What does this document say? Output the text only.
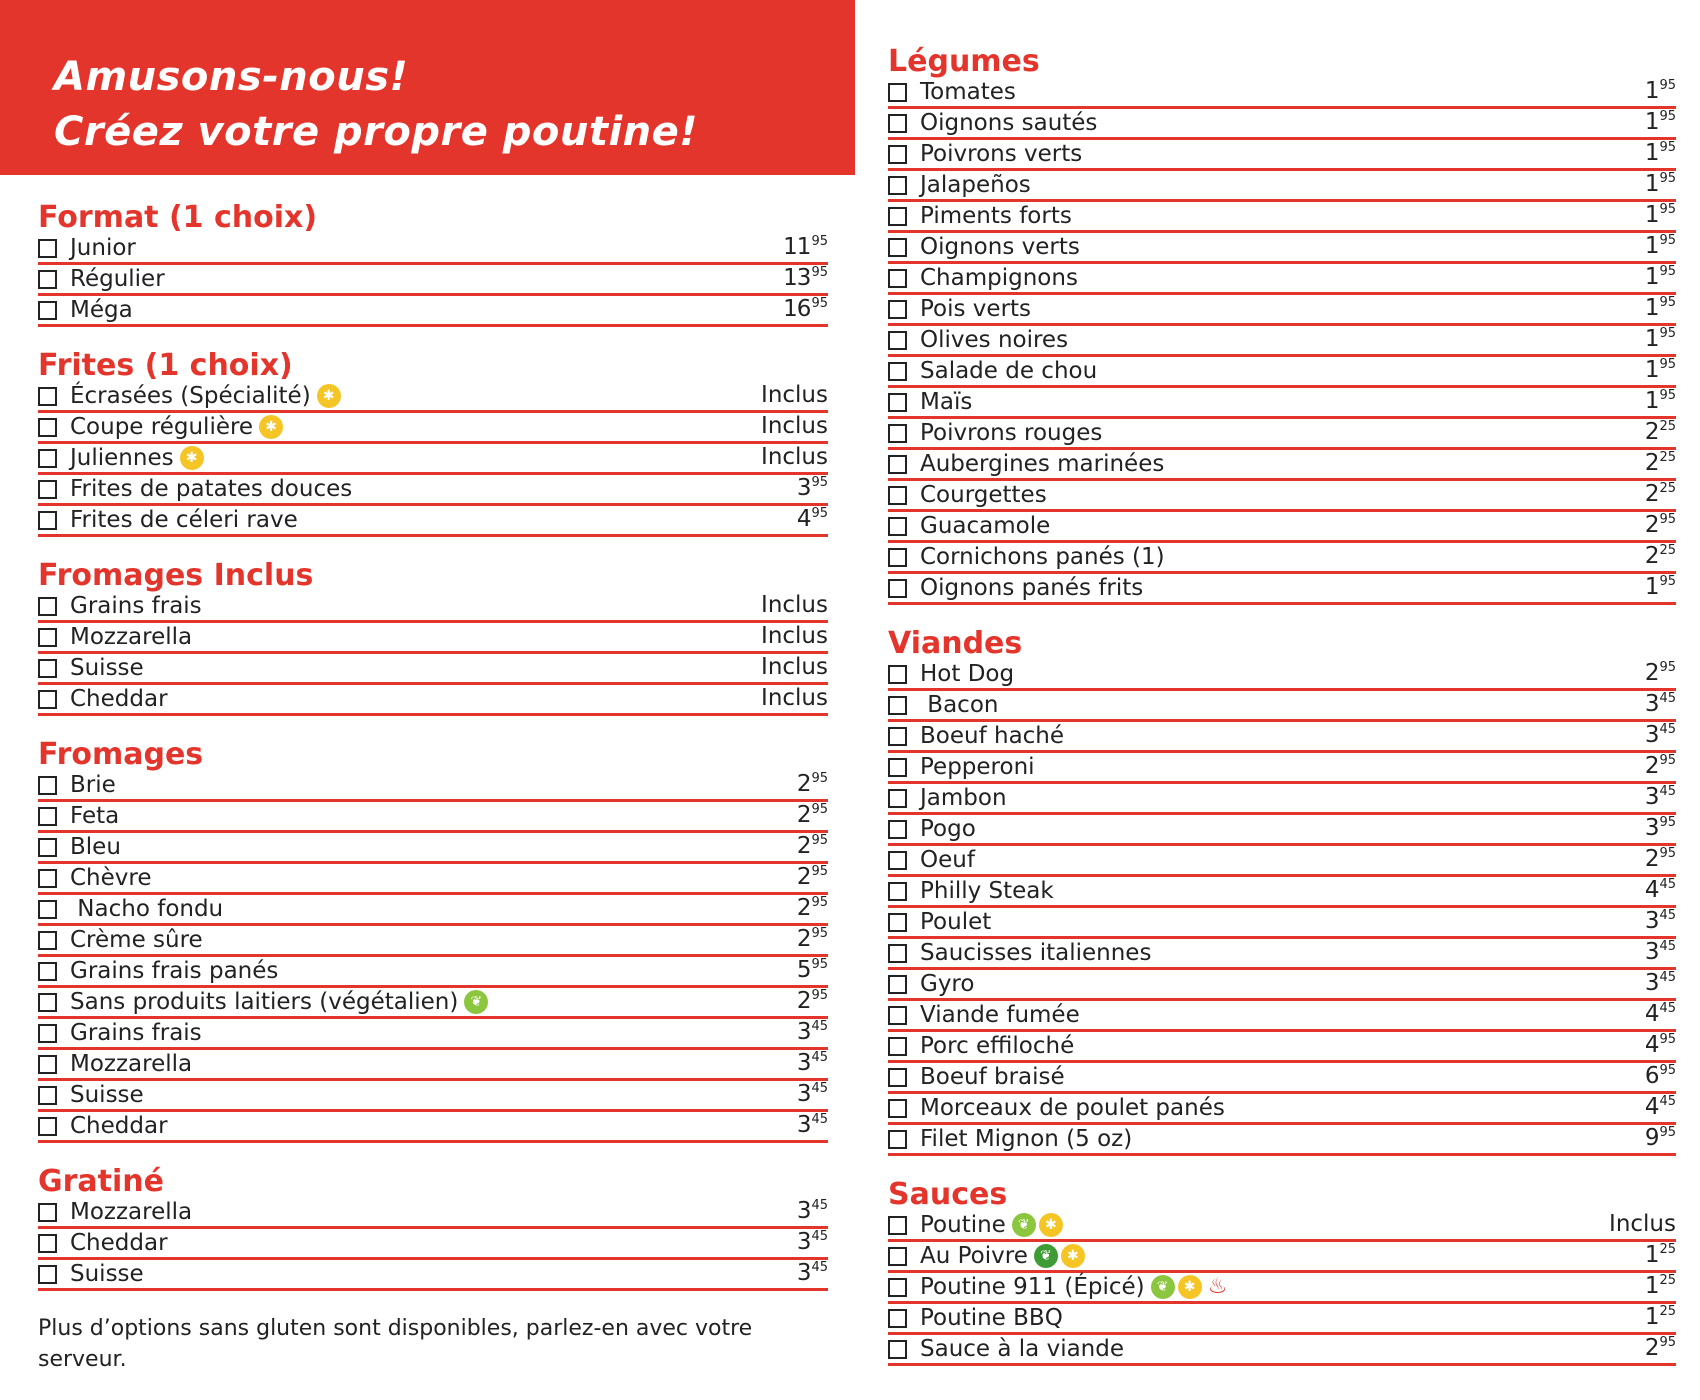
Amusons-nous!
Créez votre propre poutine!
Format (1 choix)
Junior	11 95
Régulier	13 95
Méga	16 95
Frites (1 choix)
Écrasées (Spécialité) ✱	Inclus
Coupe régulière ✱	Inclus
Juliennes ✱	Inclus
Frites de patates douces	3 95
Frites de céleri rave	4 95
Fromages Inclus
Grains frais	Inclus
Mozzarella	Inclus
Suisse	Inclus
Cheddar	Inclus
Fromages
Brie	2 95
Feta	2 95
Bleu	2 95
Chèvre	2 95
Nacho fondu	2 95
Crème sûre	2 95
Grains frais panés	5 95
Sans produits laitiers (végétalien) ❦	2 95
Grains frais	3 45
Mozzarella	3 45
Suisse	3 45
Cheddar	3 45
Gratiné
Mozzarella	3 45
Cheddar	3 45
Suisse	3 45
Plus d’options sans gluten sont disponibles, parlez-en avec votre serveur.
Légumes
Tomates	1 95
Oignons sautés	1 95
Poivrons verts	1 95
Jalapeños	1 95
Piments forts	1 95
Oignons verts	1 95
Champignons	1 95
Pois verts	1 95
Olives noires	1 95
Salade de chou	1 95
Maïs	1 95
Poivrons rouges	2 25
Aubergines marinées	2 25
Courgettes	2 25
Guacamole	2 95
Cornichons panés (1)	2 25
Oignons panés frits	1 95
Viandes
Hot Dog	2 95
Bacon	3 45
Boeuf haché	3 45
Pepperoni	2 95
Jambon	3 45
Pogo	3 95
Oeuf	2 95
Philly Steak	4 45
Poulet	3 45
Saucisses italiennes	3 45
Gyro	3 45
Viande fumée	4 45
Porc effiloché	4 95
Boeuf braisé	6 95
Morceaux de poulet panés	4 45
Filet Mignon (5 oz)	9 95
Sauces
Poutine ❦	✱	Inclus
Au Poivre ❦	✱	1 25
Poutine 911 (Épicé) ❦	✱ ♨	1 25
Poutine BBQ	1 25
Sauce à la viande	2 95
